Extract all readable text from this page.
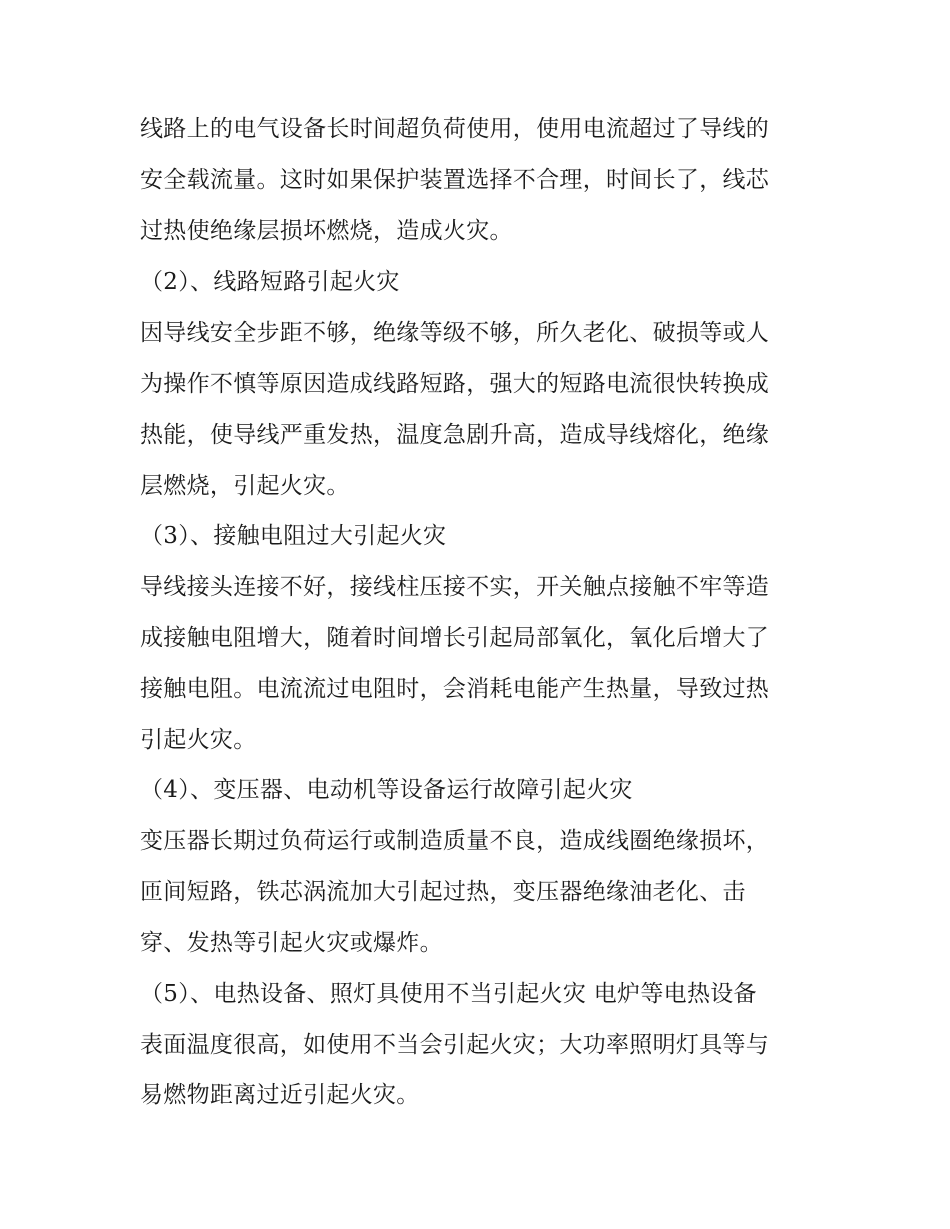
线路上的电气设备长时间超负荷使用，使用电流超过了导线的
安全载流量。这时如果保护装置选择不合理，时间长了，线芯
过热使绝缘层损坏燃烧，造成火灾。
（2）、线路短路引起火灾
因导线安全步距不够，绝缘等级不够，所久老化、破损等或人
为操作不慎等原因造成线路短路，强大的短路电流很快转换成
热能，使导线严重发热，温度急剧升高，造成导线熔化，绝缘
层燃烧，引起火灾。
（3）、接触电阻过大引起火灾
导线接头连接不好，接线柱压接不实，开关触点接触不牢等造
成接触电阻增大，随着时间增长引起局部氧化，氧化后增大了
接触电阻。电流流过电阻时，会消耗电能产生热量，导致过热
引起火灾。
（4）、变压器、电动机等设备运行故障引起火灾
变压器长期过负荷运行或制造质量不良，造成线圈绝缘损坏，
匝间短路，铁芯涡流加大引起过热，变压器绝缘油老化、击
穿、发热等引起火灾或爆炸。
（5）、电热设备、照灯具使用不当引起火灾 电炉等电热设备
表面温度很高，如使用不当会引起火灾；大功率照明灯具等与
易燃物距离过近引起火灾。
